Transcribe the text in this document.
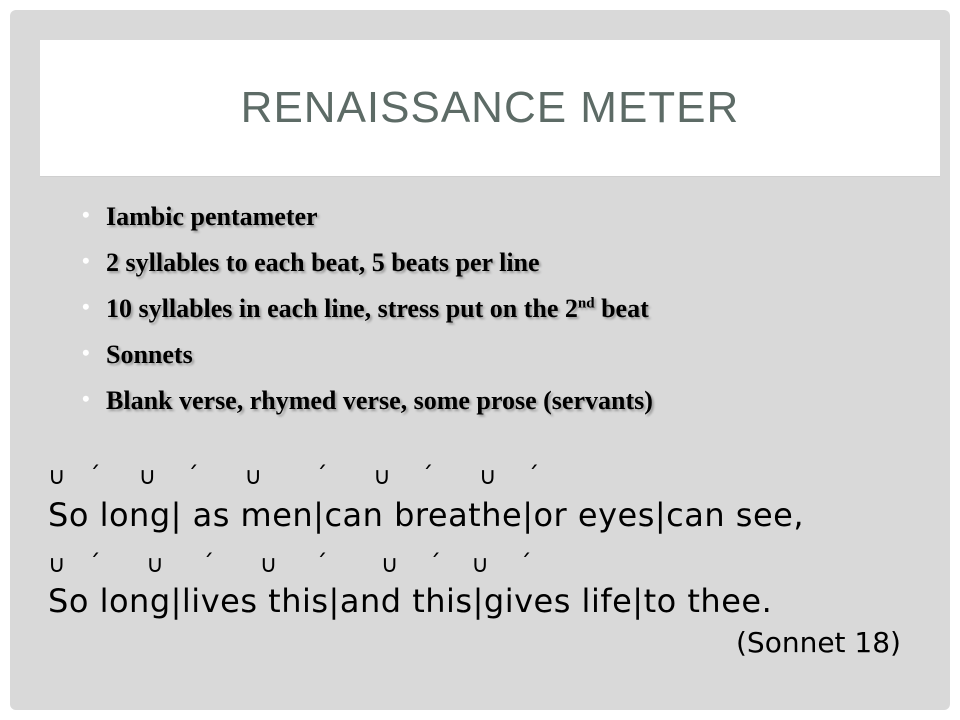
RENAISSANCE METER
• Iambic pentameter
• 2 syllables to each beat, 5 beats per line
• 10 syllables in each line, stress put on the 2nd beat
• Sonnets
• Blank verse, rhymed verse, some prose (servants)
∪   ˊ     ∪    ˊ      ∪       ˊ      ∪    ˊ      ∪    ˊ
So long| as men|can breathe|or eyes|can see,
∪   ˊ      ∪     ˊ      ∪     ˊ       ∪    ˊ    ∪    ˊ
So long|lives this|and this|gives life|to thee.
(Sonnet 18)
